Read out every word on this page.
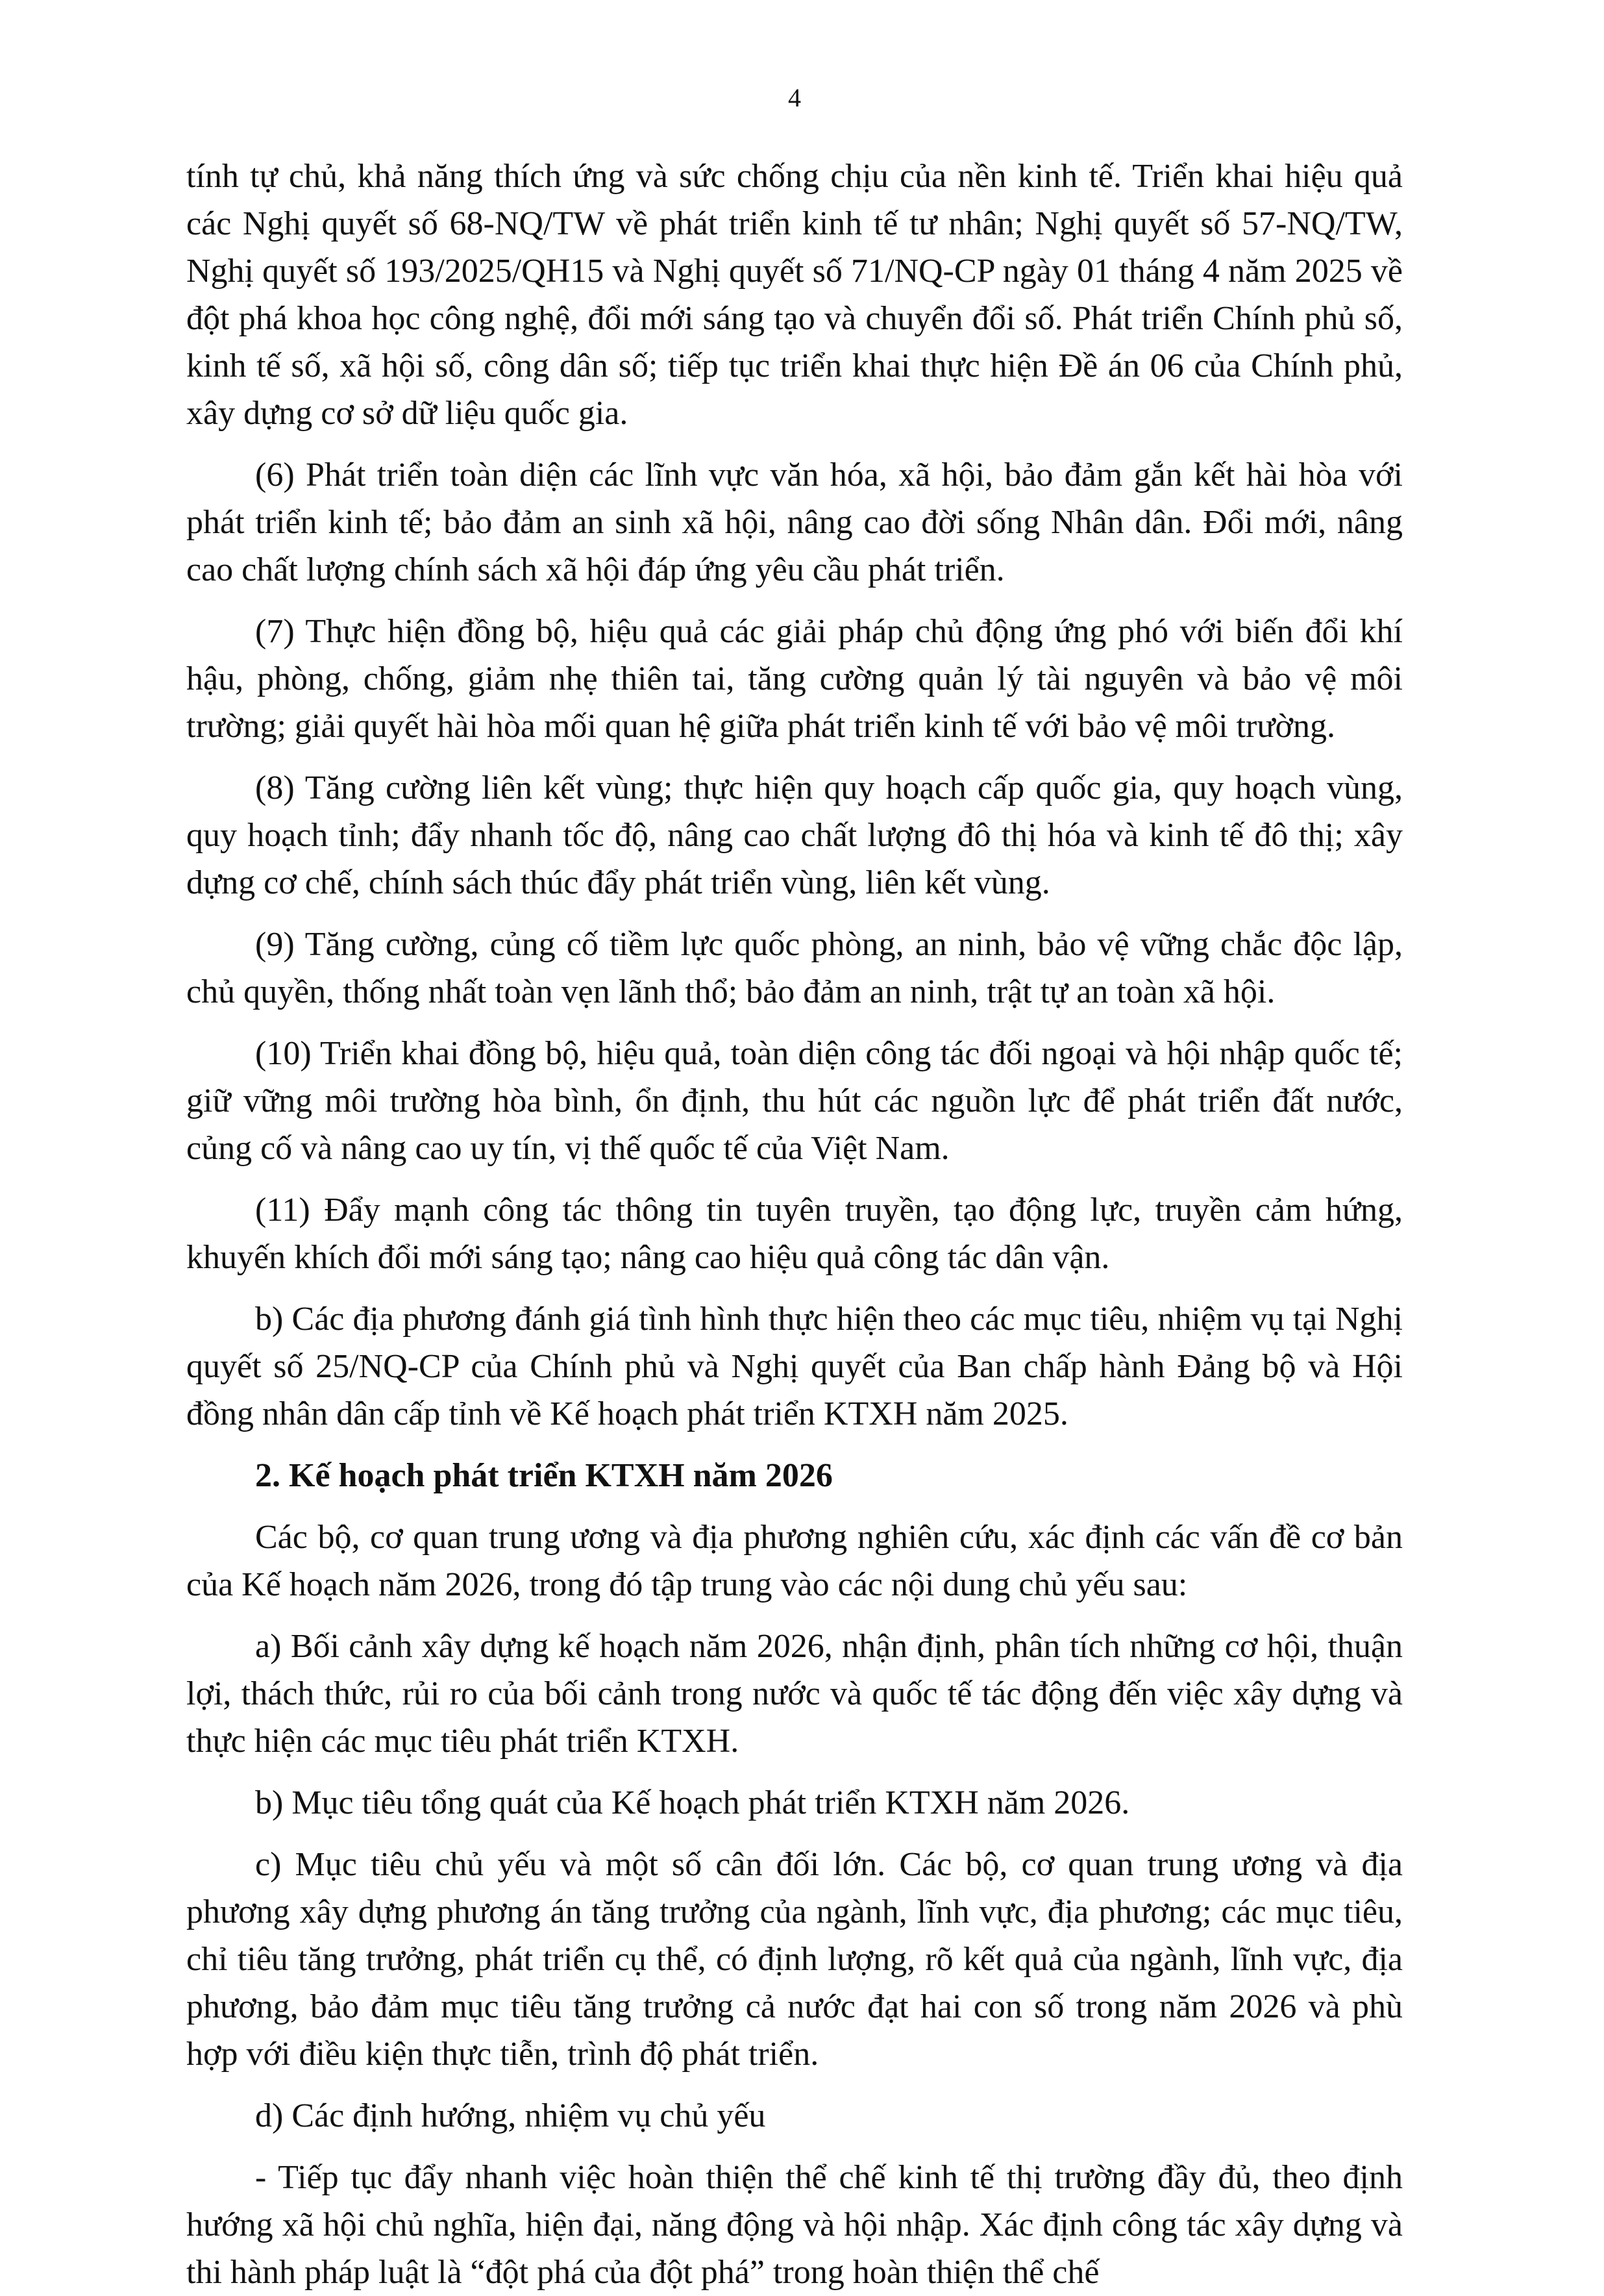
4

tính tự chủ, khả năng thích ứng và sức chống chịu của nền kinh tế. Triển khai hiệu quả các Nghị quyết số 68-NQ/TW về phát triển kinh tế tư nhân; Nghị quyết số 57-NQ/TW, Nghị quyết số 193/2025/QH15 và Nghị quyết số 71/NQ-CP ngày 01 tháng 4 năm 2025 về đột phá khoa học công nghệ, đổi mới sáng tạo và chuyển đổi số. Phát triển Chính phủ số, kinh tế số, xã hội số, công dân số; tiếp tục triển khai thực hiện Đề án 06 của Chính phủ, xây dựng cơ sở dữ liệu quốc gia.

(6) Phát triển toàn diện các lĩnh vực văn hóa, xã hội, bảo đảm gắn kết hài hòa với phát triển kinh tế; bảo đảm an sinh xã hội, nâng cao đời sống Nhân dân. Đổi mới, nâng cao chất lượng chính sách xã hội đáp ứng yêu cầu phát triển.

(7) Thực hiện đồng bộ, hiệu quả các giải pháp chủ động ứng phó với biến đổi khí hậu, phòng, chống, giảm nhẹ thiên tai, tăng cường quản lý tài nguyên và bảo vệ môi trường; giải quyết hài hòa mối quan hệ giữa phát triển kinh tế với bảo vệ môi trường.

(8) Tăng cường liên kết vùng; thực hiện quy hoạch cấp quốc gia, quy hoạch vùng, quy hoạch tỉnh; đẩy nhanh tốc độ, nâng cao chất lượng đô thị hóa và kinh tế đô thị; xây dựng cơ chế, chính sách thúc đẩy phát triển vùng, liên kết vùng.

(9) Tăng cường, củng cố tiềm lực quốc phòng, an ninh, bảo vệ vững chắc độc lập, chủ quyền, thống nhất toàn vẹn lãnh thổ; bảo đảm an ninh, trật tự an toàn xã hội.

(10) Triển khai đồng bộ, hiệu quả, toàn diện công tác đối ngoại và hội nhập quốc tế; giữ vững môi trường hòa bình, ổn định, thu hút các nguồn lực để phát triển đất nước, củng cố và nâng cao uy tín, vị thế quốc tế của Việt Nam.

(11) Đẩy mạnh công tác thông tin tuyên truyền, tạo động lực, truyền cảm hứng, khuyến khích đổi mới sáng tạo; nâng cao hiệu quả công tác dân vận.

b) Các địa phương đánh giá tình hình thực hiện theo các mục tiêu, nhiệm vụ tại Nghị quyết số 25/NQ-CP của Chính phủ và Nghị quyết của Ban chấp hành Đảng bộ và Hội đồng nhân dân cấp tỉnh về Kế hoạch phát triển KTXH năm 2025.

2. Kế hoạch phát triển KTXH năm 2026

Các bộ, cơ quan trung ương và địa phương nghiên cứu, xác định các vấn đề cơ bản của Kế hoạch năm 2026, trong đó tập trung vào các nội dung chủ yếu sau:

a) Bối cảnh xây dựng kế hoạch năm 2026, nhận định, phân tích những cơ hội, thuận lợi, thách thức, rủi ro của bối cảnh trong nước và quốc tế tác động đến việc xây dựng và thực hiện các mục tiêu phát triển KTXH.

b) Mục tiêu tổng quát của Kế hoạch phát triển KTXH năm 2026.

c) Mục tiêu chủ yếu và một số cân đối lớn. Các bộ, cơ quan trung ương và địa phương xây dựng phương án tăng trưởng của ngành, lĩnh vực, địa phương; các mục tiêu, chỉ tiêu tăng trưởng, phát triển cụ thể, có định lượng, rõ kết quả của ngành, lĩnh vực, địa phương, bảo đảm mục tiêu tăng trưởng cả nước đạt hai con số trong năm 2026 và phù hợp với điều kiện thực tiễn, trình độ phát triển.

d) Các định hướng, nhiệm vụ chủ yếu

- Tiếp tục đẩy nhanh việc hoàn thiện thể chế kinh tế thị trường đầy đủ, theo định hướng xã hội chủ nghĩa, hiện đại, năng động và hội nhập. Xác định công tác xây dựng và thi hành pháp luật là “đột phá của đột phá” trong hoàn thiện thể chế
